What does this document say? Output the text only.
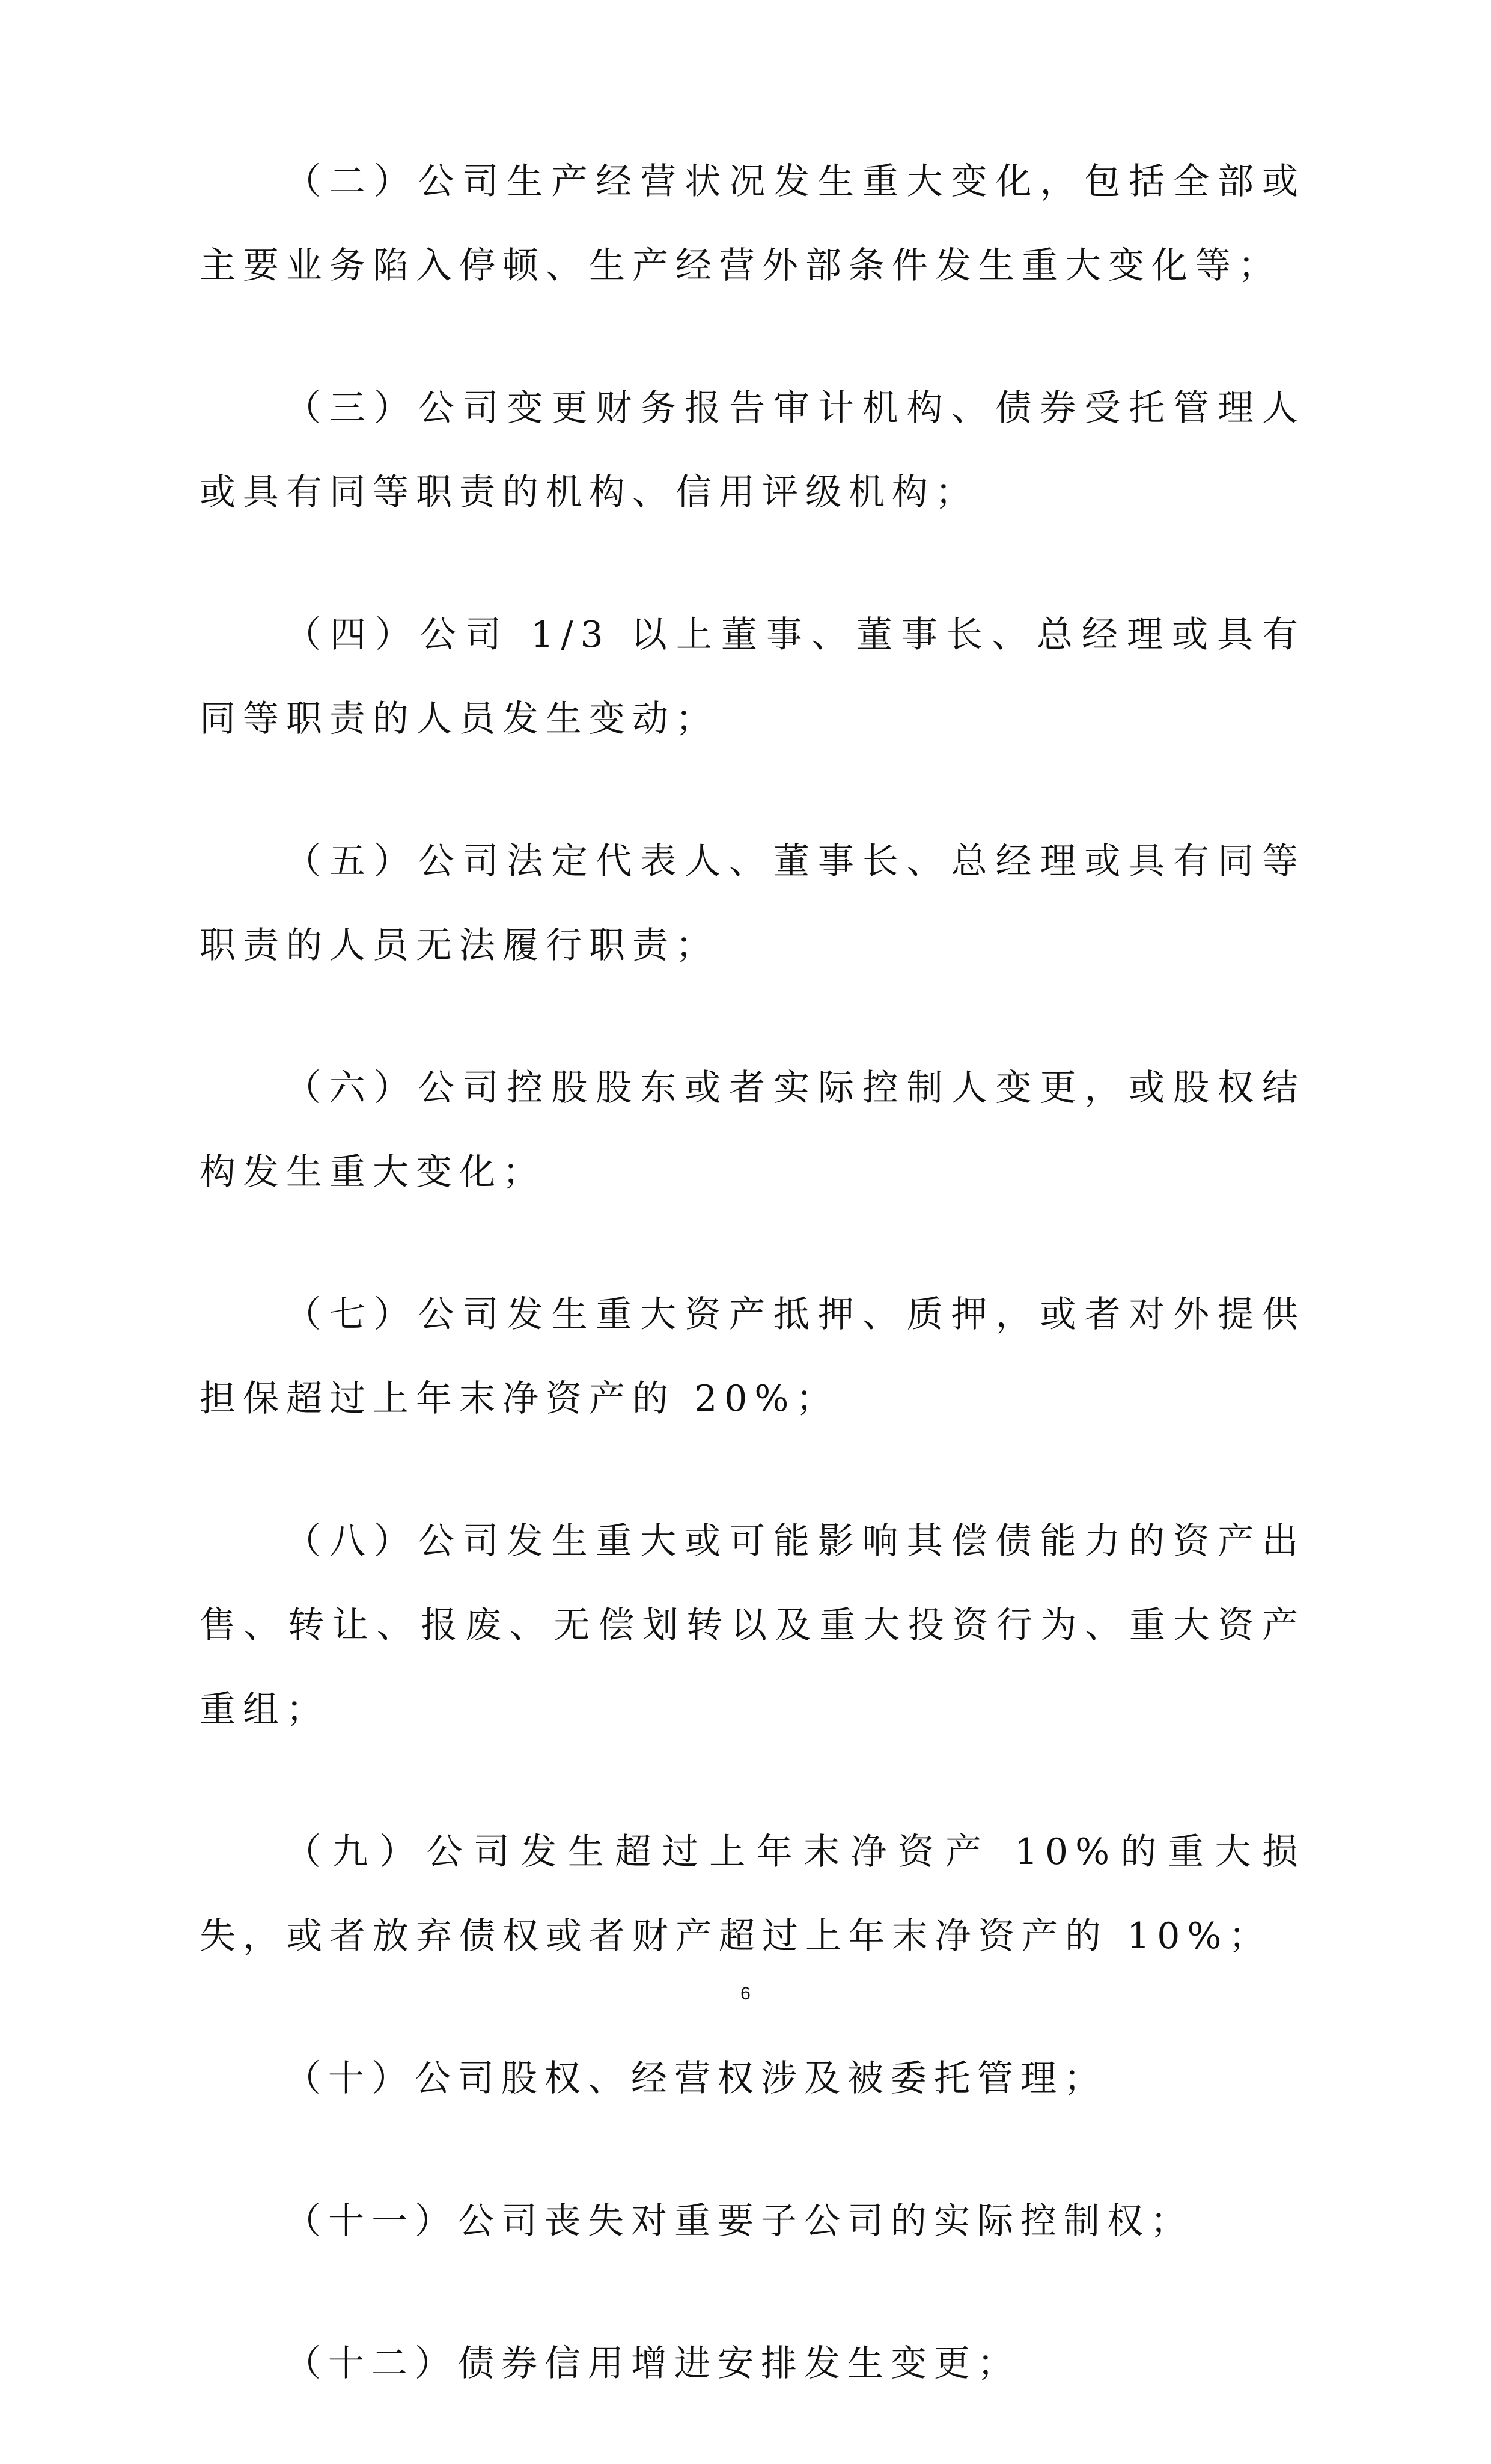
（二）公司生产经营状况发生重大变化，包括全部或主要业务陷入停顿、生产经营外部条件发生重大变化等；

（三）公司变更财务报告审计机构、债券受托管理人或具有同等职责的机构、信用评级机构；

（四）公司 1/3 以上董事、董事长、总经理或具有同等职责的人员发生变动；

（五）公司法定代表人、董事长、总经理或具有同等职责的人员无法履行职责；

（六）公司控股股东或者实际控制人变更，或股权结构发生重大变化；

（七）公司发生重大资产抵押、质押，或者对外提供担保超过上年末净资产的 20%；

（八）公司发生重大或可能影响其偿债能力的资产出售、转让、报废、无偿划转以及重大投资行为、重大资产重组；

（九）公司发生超过上年末净资产 10%的重大损失，或者放弃债权或者财产超过上年末净资产的 10%；

（十）公司股权、经营权涉及被委托管理；

（十一）公司丧失对重要子公司的实际控制权；

（十二）债券信用增进安排发生变更；

6
